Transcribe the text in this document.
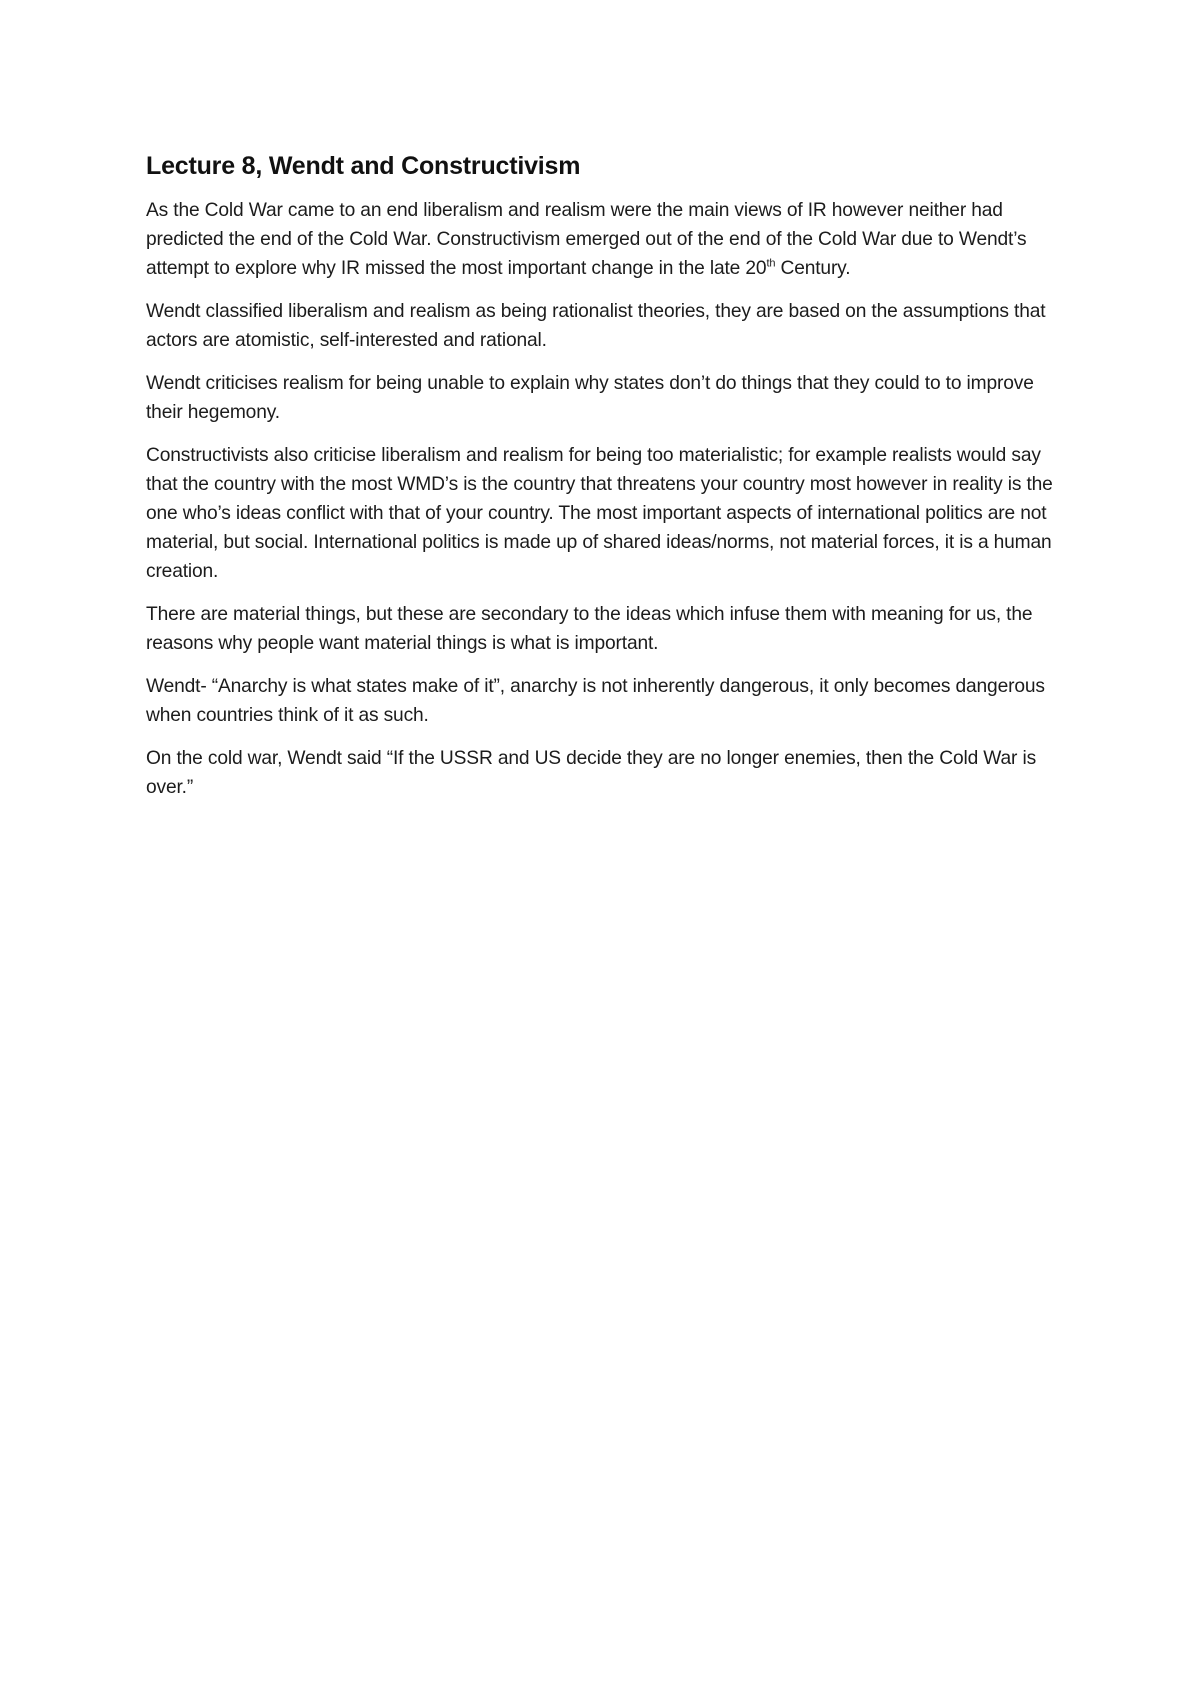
Lecture 8, Wendt and Constructivism

As the Cold War came to an end liberalism and realism were the main views of IR however neither had predicted the end of the Cold War. Constructivism emerged out of the end of the Cold War due to Wendt’s attempt to explore why IR missed the most important change in the late 20th Century.

Wendt classified liberalism and realism as being rationalist theories, they are based on the assumptions that actors are atomistic, self-interested and rational.

Wendt criticises realism for being unable to explain why states don’t do things that they could to to improve their hegemony.

Constructivists also criticise liberalism and realism for being too materialistic; for example realists would say that the country with the most WMD’s is the country that threatens your country most however in reality is the one who’s ideas conflict with that of your country. The most important aspects of international politics are not material, but social. International politics is made up of shared ideas/norms, not material forces, it is a human creation.

There are material things, but these are secondary to the ideas which infuse them with meaning for us, the reasons why people want material things is what is important.

Wendt- “Anarchy is what states make of it”, anarchy is not inherently dangerous, it only becomes dangerous when countries think of it as such.

On the cold war, Wendt said “If the USSR and US decide they are no longer enemies, then the Cold War is over.”
